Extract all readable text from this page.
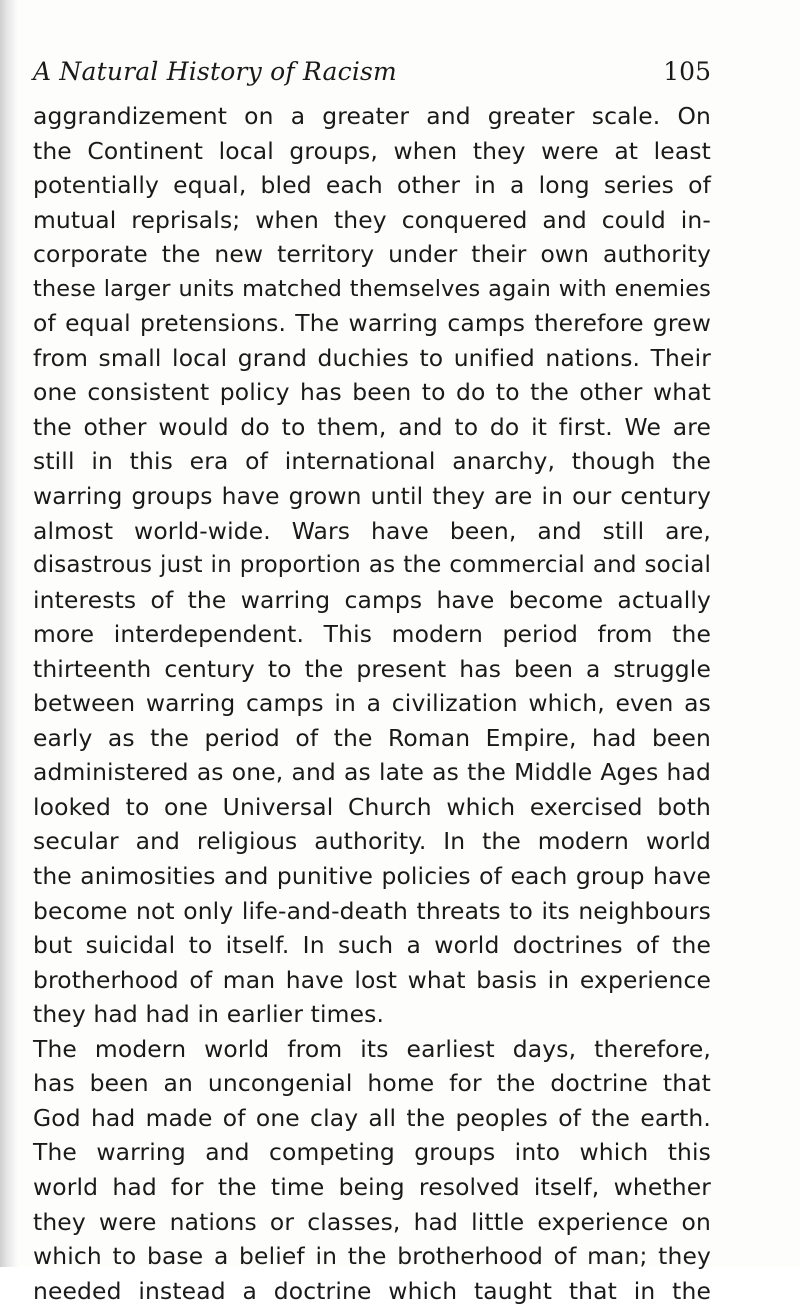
A Natural History of Racism	105
aggrandizement on a greater and greater scale. On
the Continent local groups, when they were at least
potentially equal, bled each other in a long series of
mutual reprisals; when they conquered and could in-
corporate the new territory under their own authority
these larger units matched themselves again with enemies
of equal pretensions. The warring camps therefore grew
from small local grand duchies to unified nations. Their
one consistent policy has been to do to the other what
the other would do to them, and to do it first. We are
still in this era of international anarchy, though the
warring groups have grown until they are in our century
almost world-wide. Wars have been, and still are,
disastrous just in proportion as the commercial and social
interests of the warring camps have become actually
more interdependent. This modern period from the
thirteenth century to the present has been a struggle
between warring camps in a civilization which, even as
early as the period of the Roman Empire, had been
administered as one, and as late as the Middle Ages had
looked to one Universal Church which exercised both
secular and religious authority. In the modern world
the animosities and punitive policies of each group have
become not only life-and-death threats to its neighbours
but suicidal to itself. In such a world doctrines of the
brotherhood of man have lost what basis in experience
they had had in earlier times.
The modern world from its earliest days, therefore,
has been an uncongenial home for the doctrine that
God had made of one clay all the peoples of the earth.
The warring and competing groups into which this
world had for the time being resolved itself, whether
they were nations or classes, had little experience on
which to base a belief in the brotherhood of man; they
needed instead a doctrine which taught that in the
